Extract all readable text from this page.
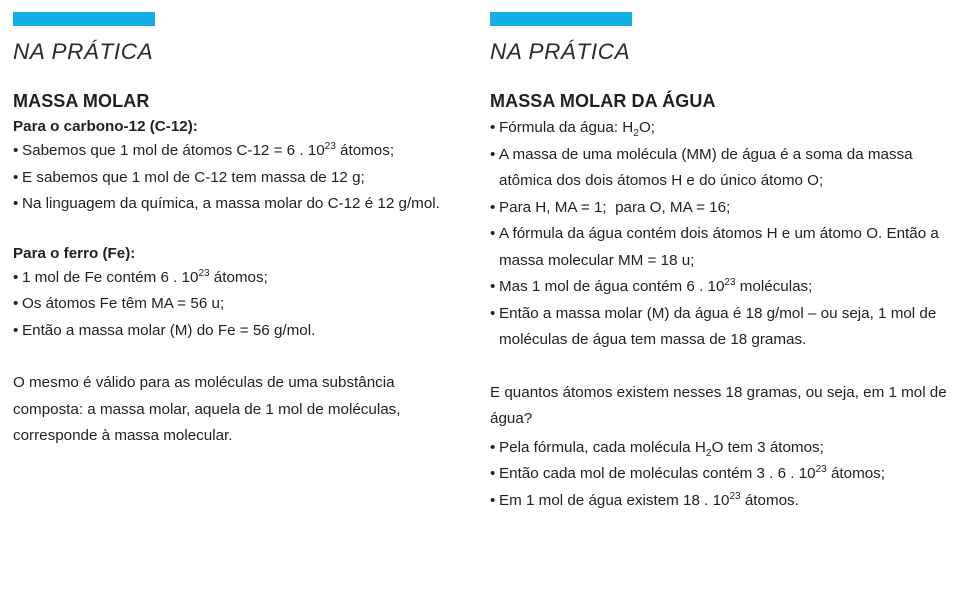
NA PRÁTICA
MASSA MOLAR
Para o carbono-12 (C-12):
• Sabemos que 1 mol de átomos C-12 = 6 . $10^{23}$ átomos;
• E sabemos que 1 mol de C-12 tem massa de 12 g;
• Na linguagem da química, a massa molar do C-12 é 12 g/mol.
Para o ferro (Fe):
• 1 mol de Fe contém 6 . $10^{23}$ átomos;
• Os átomos Fe têm MA = 56 u;
• Então a massa molar (M) do Fe = 56 g/mol.

O mesmo é válido para as moléculas de uma substância composta: a massa molar, aquela de 1 mol de moléculas, corresponde à massa molecular.

NA PRÁTICA
MASSA MOLAR DA ÁGUA
• Fórmula da água: $H_2O$;
• A massa de uma molécula (MM) de água é a soma da massa atômica dos dois átomos H e do único átomo O;
• Para H, MA = 1;  para O, MA = 16;
• A fórmula da água contém dois átomos H e um átomo O. Então a massa molecular MM = 18 u;
• Mas 1 mol de água contém 6 . $10^{23}$ moléculas;
• Então a massa molar (M) da água é 18 g/mol – ou seja, 1 mol de moléculas de água tem massa de 18 gramas.

E quantos átomos existem nesses 18 gramas, ou seja, em 1 mol de água?

• Pela fórmula, cada molécula $H_2O$ tem 3 átomos;
• Então cada mol de moléculas contém 3 . 6 . $10^{23}$ átomos;
• Em 1 mol de água existem 18 . $10^{23}$ átomos.
